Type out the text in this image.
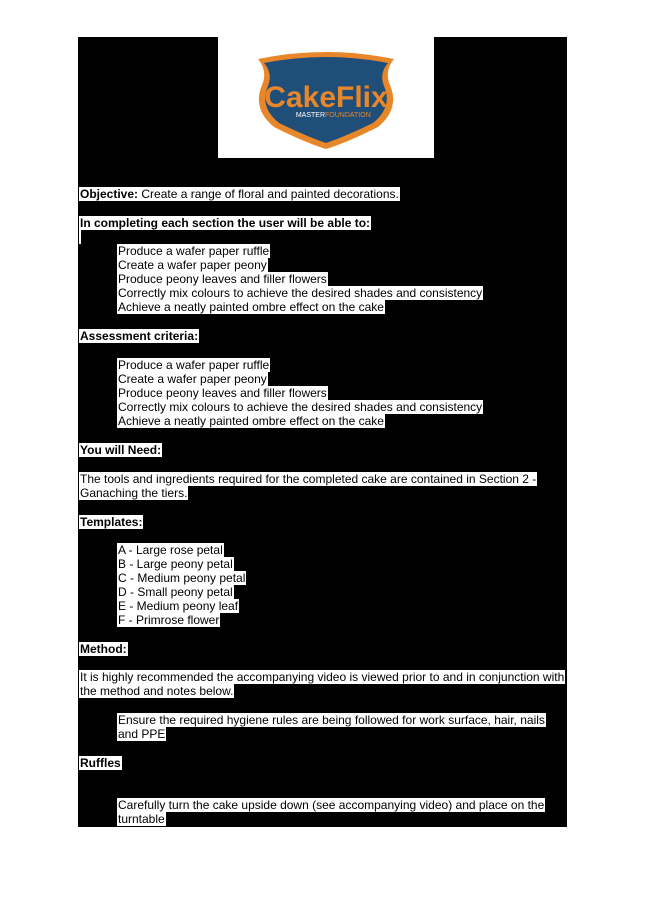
CakeFlix
MASTER FOUNDATION
Objective: Create a range of floral and painted decorations.
In completing each section the user will be able to:

Produce a wafer paper ruffle
Create a wafer paper peony
Produce peony leaves and filler flowers
Correctly mix colours to achieve the desired shades and consistency
Achieve a neatly painted ombre effect on the cake
Assessment criteria:
Produce a wafer paper ruffle
Create a wafer paper peony
Produce peony leaves and filler flowers
Correctly mix colours to achieve the desired shades and consistency
Achieve a neatly painted ombre effect on the cake
You will Need:
The tools and ingredients required for the completed cake are contained in Section 2 -
Ganaching the tiers.
Templates:
A - Large rose petal
B - Large peony petal
C - Medium peony petal
D - Small peony petal
E - Medium peony leaf
F - Primrose flower
Method:
It is highly recommended the accompanying video is viewed prior to and in conjunction with
the method and notes below.
Ensure the required hygiene rules are being followed for work surface, hair, nails
and PPE
Ruffles
Carefully turn the cake upside down (see accompanying video) and place on the
turntable
